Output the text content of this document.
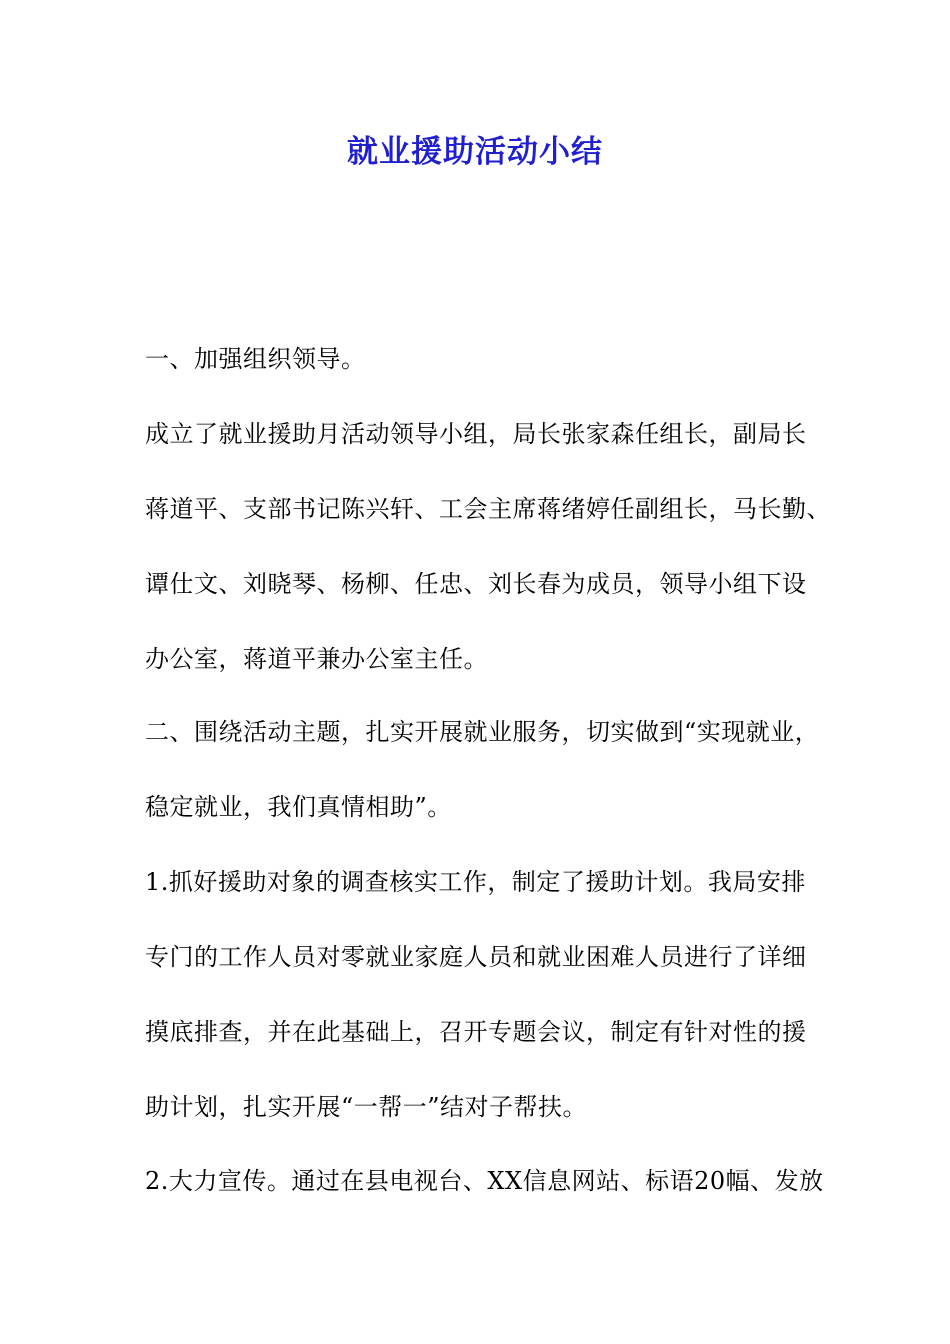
就业援助活动小结
一、加强组织领导。
成立了就业援助月活动领导小组，局长张家森任组长，副局长
蒋道平、支部书记陈兴轩、工会主席蒋绪婷任副组长，马长勤、
谭仕文、刘晓琴、杨柳、任忠、刘长春为成员，领导小组下设
办公室，蒋道平兼办公室主任。
二、围绕活动主题，扎实开展就业服务，切实做到“实现就业，
稳定就业，我们真情相助”。
1.抓好援助对象的调查核实工作，制定了援助计划。我局安排
专门的工作人员对零就业家庭人员和就业困难人员进行了详细
摸底排查，并在此基础上，召开专题会议，制定有针对性的援
助计划，扎实开展“一帮一”结对子帮扶。
2.大力宣传。通过在县电视台、XX信息网站、标语20幅、发放
